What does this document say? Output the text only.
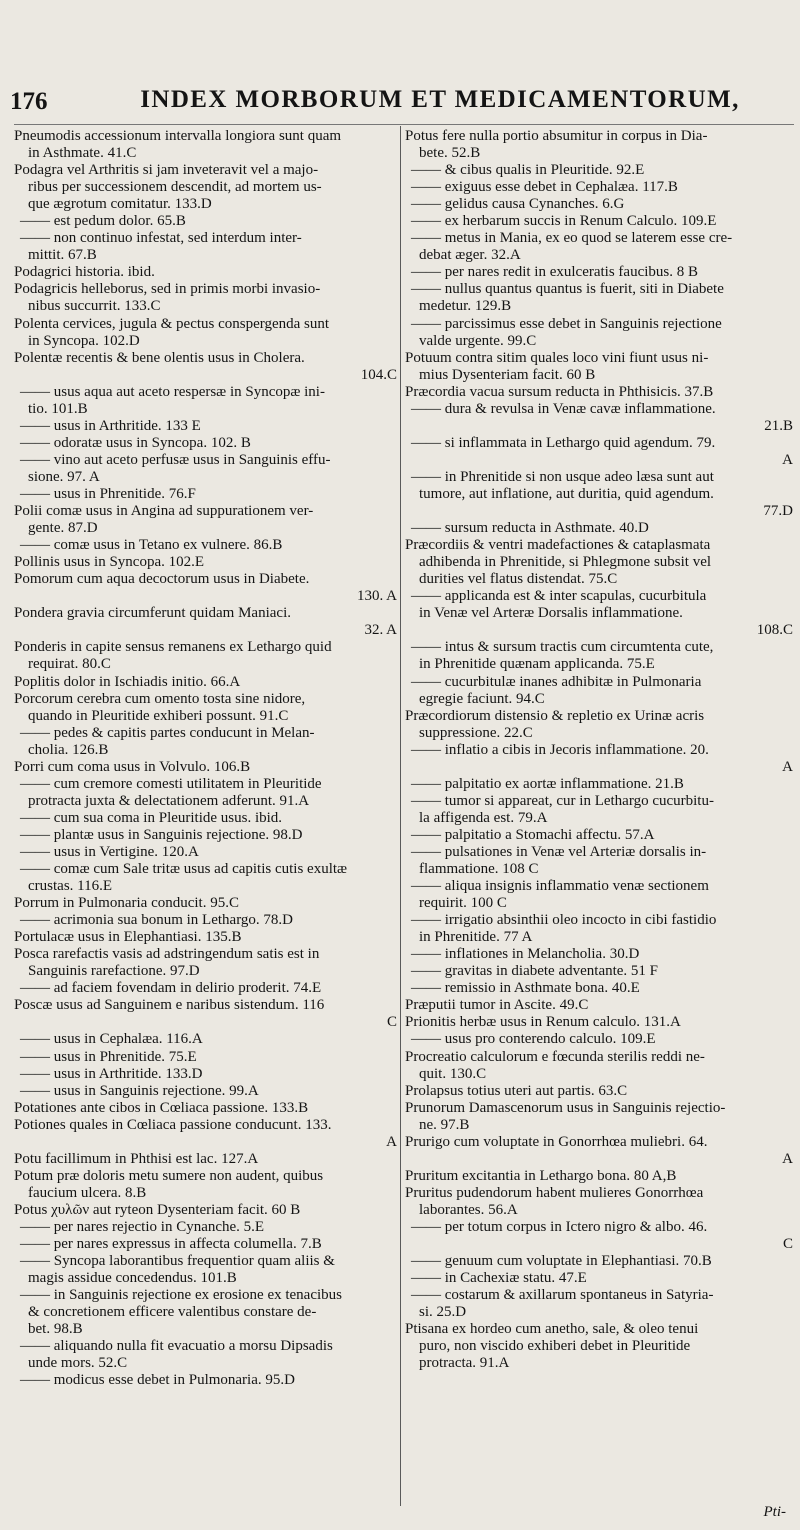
176	INDEX MORBORUM ET MEDICAMENTORUM,
Pneumodis accessionum intervalla longiora sunt quam
in Asthmate. 41.C
Podagra vel Arthritis si jam inveteravit vel a majo-
ribus per successionem descendit, ad mortem us-
que ægrotum comitatur. 133.D
—— est pedum dolor. 65.B
—— non continuo infestat, sed interdum inter-
mittit. 67.B
Podagrici historia. ibid.
Podagricis helleborus, sed in primis morbi invasio-
nibus succurrit. 133.C
Polenta cervices, jugula & pectus conspergenda sunt
in Syncopa. 102.D
Polentæ recentis & bene olentis usus in Cholera.
104.C
—— usus aqua aut aceto respersæ in Syncopæ ini-
tio. 101.B
—— usus in Arthritide. 133 E
—— odoratæ usus in Syncopa. 102. B
—— vino aut aceto perfusæ usus in Sanguinis effu-
sione. 97. A
—— usus in Phrenitide. 76.F
Polii comæ usus in Angina ad suppurationem ver-
gente. 87.D
—— comæ usus in Tetano ex vulnere. 86.B
Pollinis usus in Syncopa. 102.E
Pomorum cum aqua decoctorum usus in Diabete.
130. A
Pondera gravia circumferunt quidam Maniaci.
32. A
Ponderis in capite sensus remanens ex Lethargo quid
requirat. 80.C
Poplitis dolor in Ischiadis initio. 66.A
Porcorum cerebra cum omento tosta sine nidore,
quando in Pleuritide exhiberi possunt. 91.C
—— pedes & capitis partes conducunt in Melan-
cholia. 126.B
Porri cum coma usus in Volvulo. 106.B
—— cum cremore comesti utilitatem in Pleuritide
protracta juxta & delectationem adferunt. 91.A
—— cum sua coma in Pleuritide usus. ibid.
—— plantæ usus in Sanguinis rejectione. 98.D
—— usus in Vertigine. 120.A
—— comæ cum Sale tritæ usus ad capitis cutis exultæ
crustas. 116.E
Porrum in Pulmonaria conducit. 95.C
—— acrimonia sua bonum in Lethargo. 78.D
Portulacæ usus in Elephantiasi. 135.B
Posca rarefactis vasis ad adstringendum satis est in
Sanguinis rarefactione. 97.D
—— ad faciem fovendam in delirio proderit. 74.E
Poscæ usus ad Sanguinem e naribus sistendum. 116
C
—— usus in Cephalæa. 116.A
—— usus in Phrenitide. 75.E
—— usus in Arthritide. 133.D
—— usus in Sanguinis rejectione. 99.A
Potationes ante cibos in Cœliaca passione. 133.B
Potiones quales in Cœliaca passione conducunt. 133.
A
Potu facillimum in Phthisi est lac. 127.A
Potum præ doloris metu sumere non audent, quibus
faucium ulcera. 8.B
Potus χυλῶν aut ryteon Dysenteriam facit. 60 B
—— per nares rejectio in Cynanche. 5.E
—— per nares expressus in affecta columella. 7.B
—— Syncopa laborantibus frequentior quam aliis &
magis assidue concedendus. 101.B
—— in Sanguinis rejectione ex erosione ex tenacibus
& concretionem efficere valentibus constare de-
bet. 98.B
—— aliquando nulla fit evacuatio a morsu Dipsadis
unde mors. 52.C
—— modicus esse debet in Pulmonaria. 95.D
Potus fere nulla portio absumitur in corpus in Dia-
bete. 52.B
—— & cibus qualis in Pleuritide. 92.E
—— exiguus esse debet in Cephalæa. 117.B
—— gelidus causa Cynanches. 6.G
—— ex herbarum succis in Renum Calculo. 109.E
—— metus in Mania, ex eo quod se laterem esse cre-
debat æger. 32.A
—— per nares redit in exulceratis faucibus. 8 B
—— nullus quantus quantus is fuerit, siti in Diabete
medetur. 129.B
—— parcissimus esse debet in Sanguinis rejectione
valde urgente. 99.C
Potuum contra sitim quales loco vini fiunt usus ni-
mius Dysenteriam facit. 60 B
Præcordia vacua sursum reducta in Phthisicis. 37.B
—— dura & revulsa in Venæ cavæ inflammatione.
21.B
—— si inflammata in Lethargo quid agendum. 79.
A
—— in Phrenitide si non usque adeo læsa sunt aut
tumore, aut inflatione, aut duritia, quid agendum.
77.D
—— sursum reducta in Asthmate. 40.D
Præcordiis & ventri madefactiones & cataplasmata
adhibenda in Phrenitide, si Phlegmone subsit vel
durities vel flatus distendat. 75.C
—— applicanda est & inter scapulas, cucurbitula
in Venæ vel Arteræ Dorsalis inflammatione.
108.C
—— intus & sursum tractis cum circumtenta cute,
in Phrenitide quænam applicanda. 75.E
—— cucurbitulæ inanes adhibitæ in Pulmonaria
egregie faciunt. 94.C
Præcordiorum distensio & repletio ex Urinæ acris
suppressione. 22.C
—— inflatio a cibis in Jecoris inflammatione. 20.
A
—— palpitatio ex aortæ inflammatione. 21.B
—— tumor si appareat, cur in Lethargo cucurbitu-
la affigenda est. 79.A
—— palpitatio a Stomachi affectu. 57.A
—— pulsationes in Venæ vel Arteriæ dorsalis in-
flammatione. 108 C
—— aliqua insignis inflammatio venæ sectionem
requirit. 100 C
—— irrigatio absinthii oleo incocto in cibi fastidio
in Phrenitide. 77 A
—— inflationes in Melancholia. 30.D
—— gravitas in diabete adventante. 51 F
—— remissio in Asthmate bona. 40.E
Præputii tumor in Ascite. 49.C
Prionitis herbæ usus in Renum calculo. 131.A
—— usus pro conterendo calculo. 109.E
Procreatio calculorum e fœcunda sterilis reddi ne-
quit. 130.C
Prolapsus totius uteri aut partis. 63.C
Prunorum Damascenorum usus in Sanguinis rejectio-
ne. 97.B
Prurigo cum voluptate in Gonorrhœa muliebri. 64.
A
Pruritum excitantia in Lethargo bona. 80 A,B
Pruritus pudendorum habent mulieres Gonorrhœa
laborantes. 56.A
—— per totum corpus in Ictero nigro & albo. 46.
C
—— genuum cum voluptate in Elephantiasi. 70.B
—— in Cachexiæ statu. 47.E
—— costarum & axillarum spontaneus in Satyria-
si. 25.D
Ptisana ex hordeo cum anetho, sale, & oleo tenui
puro, non viscido exhiberi debet in Pleuritide
protracta. 91.A
Pti-
